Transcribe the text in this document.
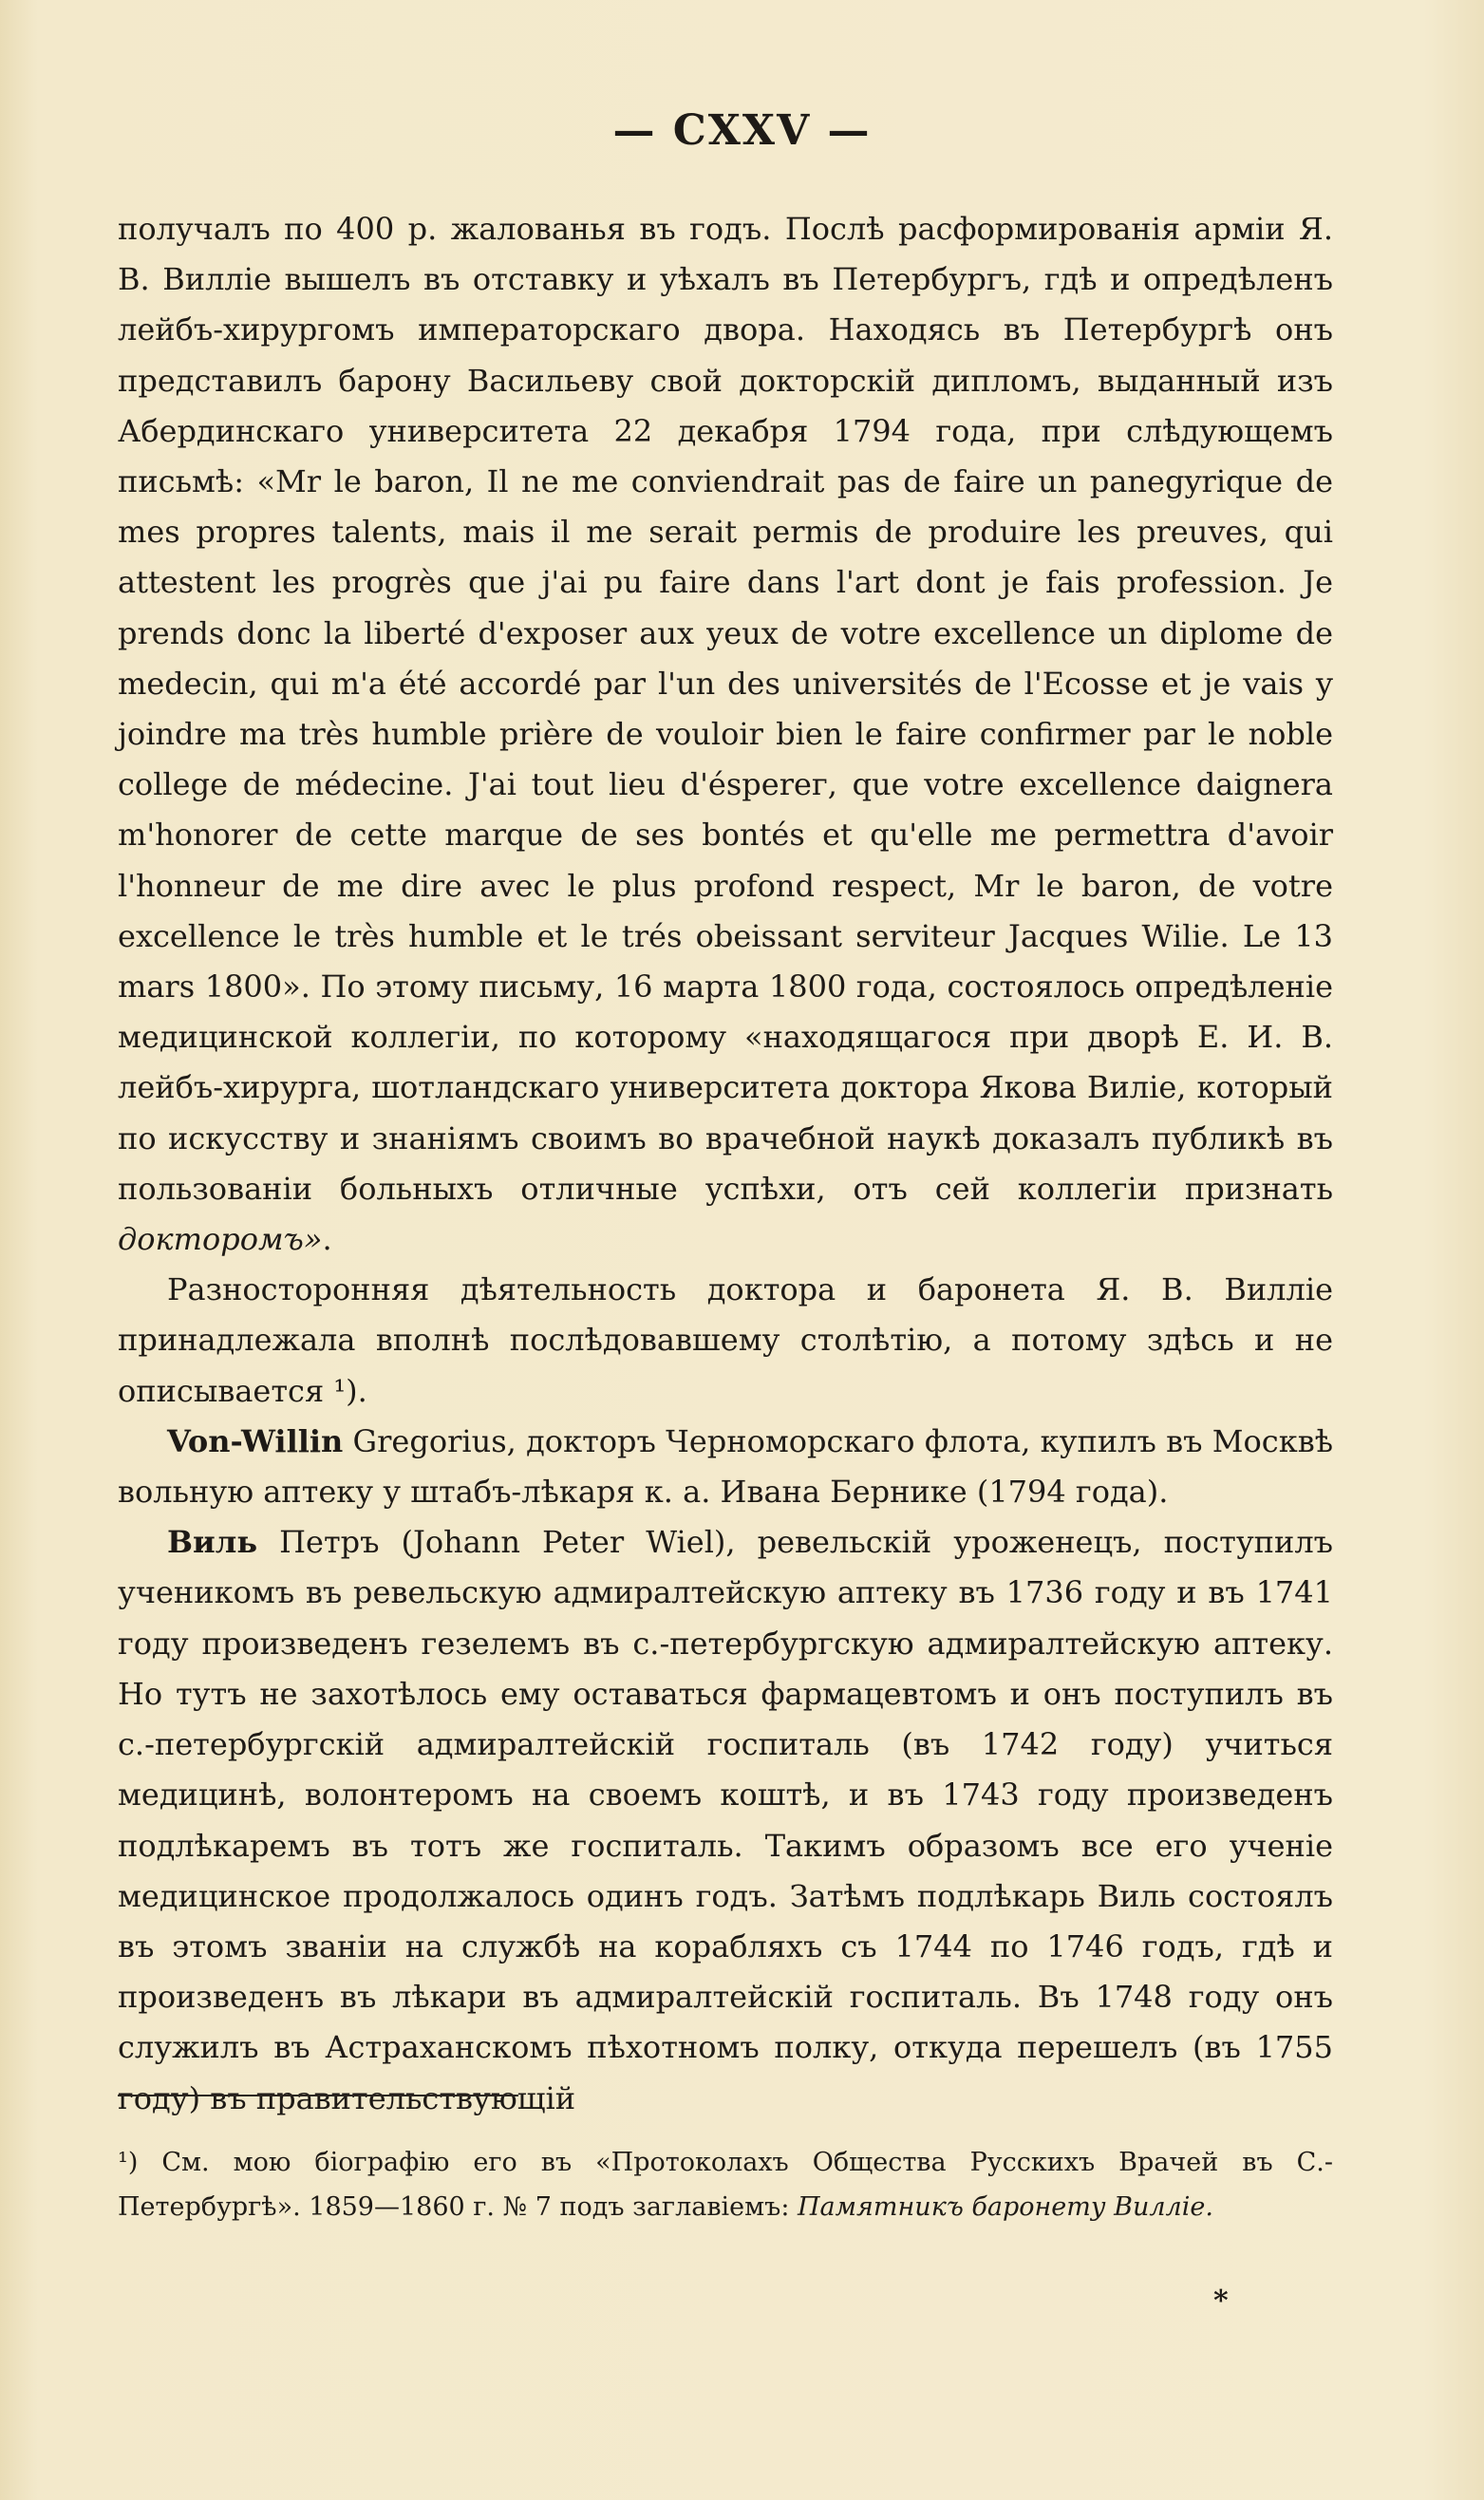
— CXXV —

получалъ по 400 р. жалованья въ годъ. Послѣ расформированія арміи Я. В. Вилліе вышелъ въ отставку и уѣхалъ въ Петербургъ, гдѣ и опредѣленъ лейбъ-хирургомъ императорскаго двора. Находясь въ Петербургѣ онъ представилъ барону Васильеву свой докторскій дипломъ, выданный изъ Абердинскаго университета 22 декабря 1794 года, при слѣдующемъ письмѣ: «Mr le baron, Il ne me conviendrait pas de faire un panegyrique de mes propres talents, mais il me serait permis de produire les preuves, qui attestent les progrès que j'ai pu faire dans l'art dont je fais profession. Je prends donc la liberté d'exposer aux yeux de votre excellence un diplome de medecin, qui m'a été accordé par l'un des universités de l'Ecosse et je vais y joindre ma très humble prière de vouloir bien le faire confirmer par le noble college de médecine. J'ai tout lieu d'éspereг, que votre excellence daignera m'honorer de cette marque de ses bontés et qu'elle me permettra d'avoir l'honneur de me dire avec le plus profond respect, Mr le baron, de votre excellence le très humble et le trés obeissant serviteur Jacques Wilie. Le 13 mars 1800». По этому письму, 16 марта 1800 года, состоялось опредѣленіе медицинской коллегіи, по которому «находящагося при дворѣ Е. И. В. лейбъ-хирурга, шотландскаго университета доктора Якова Виліе, который по искусству и знаніямъ своимъ во врачебной наукѣ доказалъ публикѣ въ пользованіи больныхъ отличные успѣхи, отъ сей коллегіи признать докторомъ».

Разносторонняя дѣятельность доктора и баронета Я. В. Вилліе принадлежала вполнѣ послѣдовавшему столѣтію, а потому здѣсь и не описывается ¹).

Von-Willin Gregorius, докторъ Черноморскаго флота, купилъ въ Москвѣ вольную аптеку у штабъ-лѣкаря к. а. Ивана Бернике (1794 года).

Виль Петръ (Johann Peter Wiel), ревельскій уроженецъ, поступилъ ученикомъ въ ревельскую адмиралтейскую аптеку въ 1736 году и въ 1741 году произведенъ гезелемъ въ с.-петербургскую адмиралтейскую аптеку. Но тутъ не захотѣлось ему оставаться фармацевтомъ и онъ поступилъ въ с.-петербургскій адмиралтейскій госпиталь (въ 1742 году) учиться медицинѣ, волонтеромъ на своемъ коштѣ, и въ 1743 году произведенъ подлѣкаремъ въ тотъ же госпиталь. Такимъ образомъ все его ученіе медицинское продолжалось одинъ годъ. Затѣмъ подлѣкарь Виль состоялъ въ этомъ званіи на службѣ на корабляхъ съ 1744 по 1746 годъ, гдѣ и произведенъ въ лѣкари въ адмиралтейскій госпиталь. Въ 1748 году онъ служилъ въ Астраханскомъ пѣхотномъ полку, откуда перешелъ (въ 1755 году) въ правительствующій

¹) См. мою біографію его въ «Протоколахъ Общества Русскихъ Врачей въ С.-Петербургѣ». 1859—1860 г. № 7 подъ заглавіемъ: Памятникъ баронету Вилліе.

*
